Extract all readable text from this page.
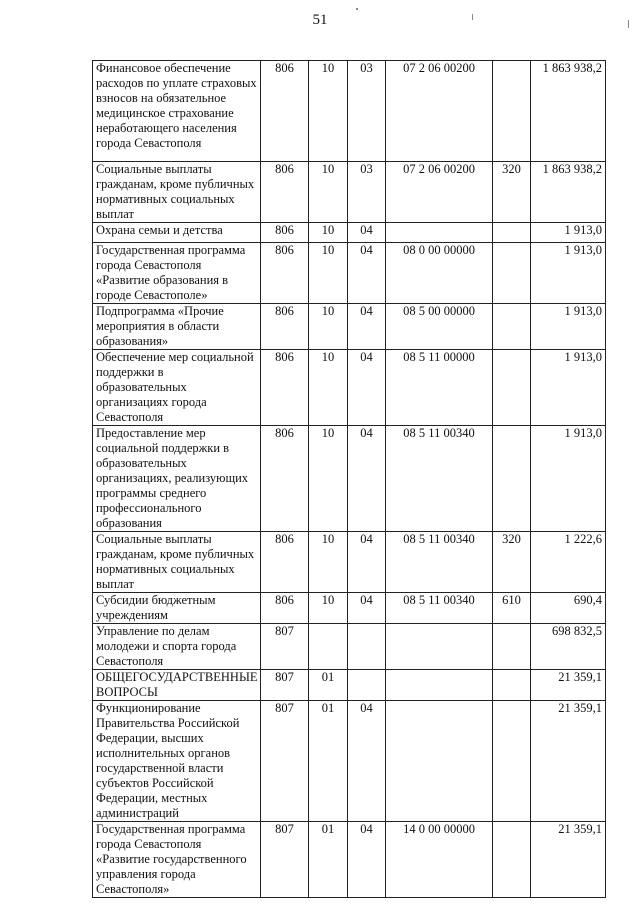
51
Финансовое обеспечение расходов по уплате страховых взносов на обязательное медицинское страхование неработающего населения города Севастополя	806	10	03	07 2 06 00200		1 863 938,2
Социальные выплаты гражданам, кроме публичных нормативных социальных выплат	806	10	03	07 2 06 00200	320	1 863 938,2
Охрана семьи и детства	806	10	04			1 913,0
Государственная программа города Севастополя «Развитие образования в городе Севастополе»	806	10	04	08 0 00 00000		1 913,0
Подпрограмма «Прочие мероприятия в области образования»	806	10	04	08 5 00 00000		1 913,0
Обеспечение мер социальной поддержки в образовательных организациях города Севастополя	806	10	04	08 5 11 00000		1 913,0
Предоставление мер социальной поддержки в образовательных организациях, реализующих программы среднего профессионального образования	806	10	04	08 5 11 00340		1 913,0
Социальные выплаты гражданам, кроме публичных нормативных социальных выплат	806	10	04	08 5 11 00340	320	1 222,6
Субсидии бюджетным учреждениям	806	10	04	08 5 11 00340	610	690,4
Управление по делам молодежи и спорта города Севастополя	807					698 832,5
ОБЩЕГОСУДАРСТВЕННЫЕ ВОПРОСЫ	807	01				21 359,1
Функционирование Правительства Российской Федерации, высших исполнительных органов государственной власти субъектов Российской Федерации, местных администраций	807	01	04			21 359,1
Государственная программа города Севастополя «Развитие государственного управления города Севастополя»	807	01	04	14 0 00 00000		21 359,1
